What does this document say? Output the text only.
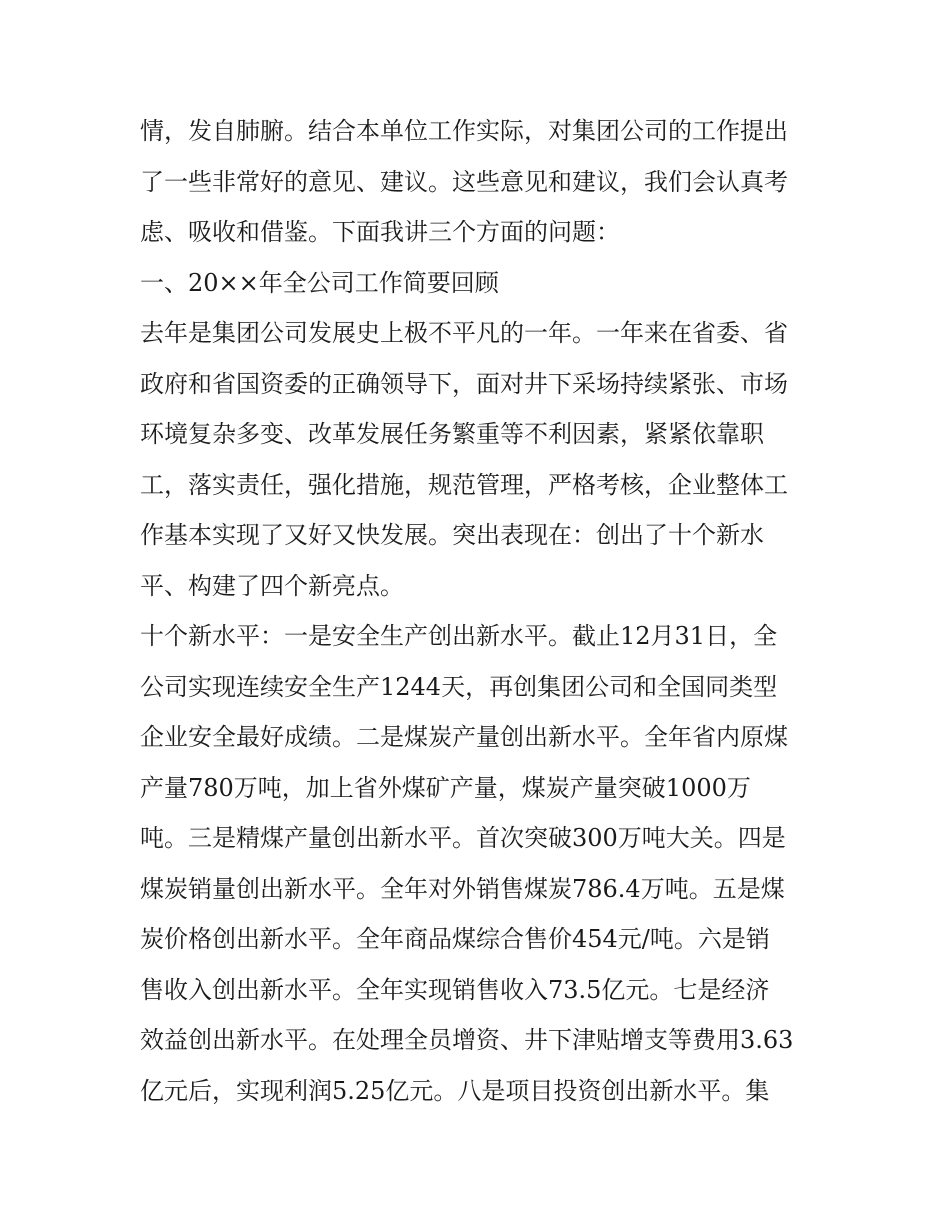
情，发自肺腑。结合本单位工作实际，对集团公司的工作提出
了一些非常好的意见、建议。这些意见和建议，我们会认真考
虑、吸收和借鉴。下面我讲三个方面的问题：
一、20××年全公司工作简要回顾
去年是集团公司发展史上极不平凡的一年。一年来在省委、省
政府和省国资委的正确领导下，面对井下采场持续紧张、市场
环境复杂多变、改革发展任务繁重等不利因素，紧紧依靠职
工，落实责任，强化措施，规范管理，严格考核，企业整体工
作基本实现了又好又快发展。突出表现在：创出了十个新水
平、构建了四个新亮点。
十个新水平：一是安全生产创出新水平。截止12月31日，全
公司实现连续安全生产1244天，再创集团公司和全国同类型
企业安全最好成绩。二是煤炭产量创出新水平。全年省内原煤
产量780万吨，加上省外煤矿产量，煤炭产量突破1000万
吨。三是精煤产量创出新水平。首次突破300万吨大关。四是
煤炭销量创出新水平。全年对外销售煤炭786.4万吨。五是煤
炭价格创出新水平。全年商品煤综合售价454元/吨。六是销
售收入创出新水平。全年实现销售收入73.5亿元。七是经济
效益创出新水平。在处理全员增资、井下津贴增支等费用3.63
亿元后，实现利润5.25亿元。八是项目投资创出新水平。集
